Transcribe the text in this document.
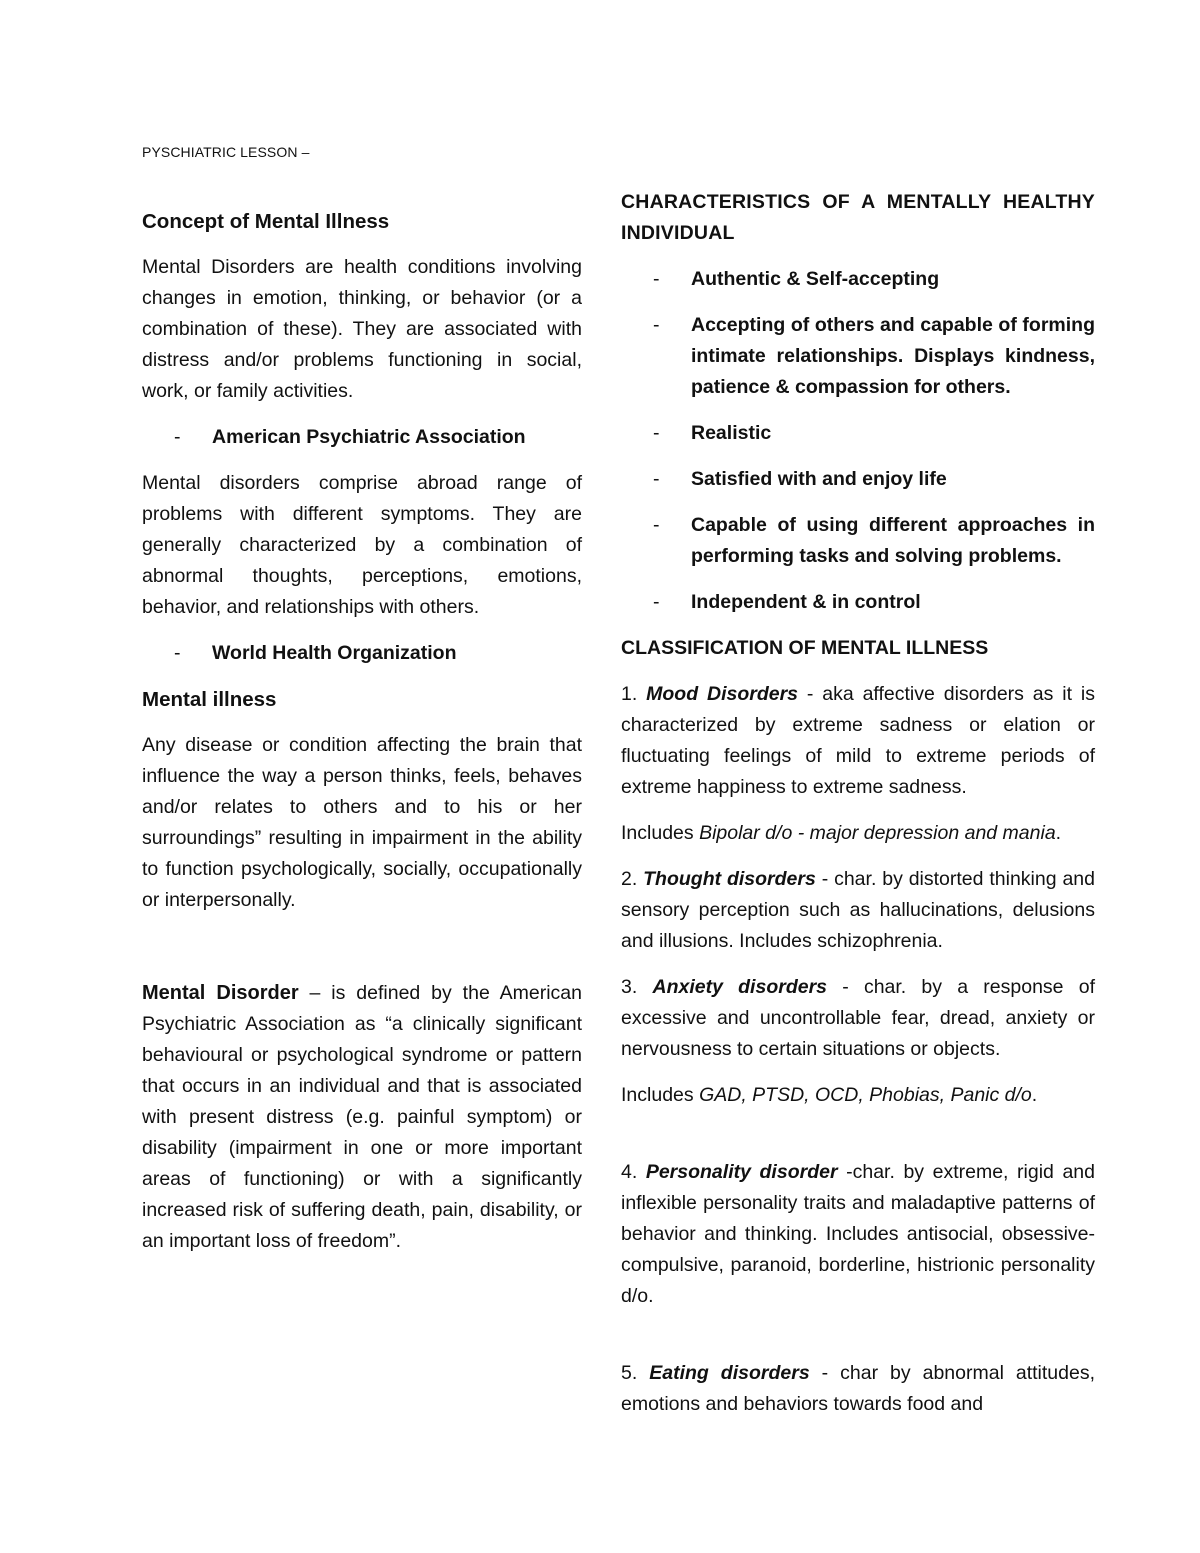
PYSCHIATRIC LESSON –

Concept of Mental Illness

Mental Disorders are health conditions involving changes in emotion, thinking, or behavior (or a combination of these). They are associated with distress and/or problems functioning in social, work, or family activities.

-	American Psychiatric Association

Mental disorders comprise abroad range of problems with different symptoms. They are generally characterized by a combination of abnormal thoughts, perceptions, emotions, behavior, and relationships with others.

-	World Health Organization

Mental illness

Any disease or condition affecting the brain that influence the way a person thinks, feels, behaves and/or relates to others and to his or her surroundings” resulting in impairment in the ability to function psychologically, socially, occupationally or interpersonally.

Mental Disorder – is defined by the American Psychiatric Association as “a clinically significant behavioural or psychological syndrome or pattern that occurs in an individual and that is associated with present distress (e.g. painful symptom) or disability (impairment in one or more important areas of functioning) or with a significantly increased risk of suffering death, pain, disability, or an important loss of freedom”.

CHARACTERISTICS OF A MENTALLY HEALTHY INDIVIDUAL

-	Authentic & Self-accepting
-	Accepting of others and capable of forming intimate relationships. Displays kindness, patience & compassion for others.
-	Realistic
-	Satisfied with and enjoy life
-	Capable of using different approaches in performing tasks and solving problems.
-	Independent & in control

CLASSIFICATION OF MENTAL ILLNESS

1. Mood Disorders - aka affective disorders as it is characterized by extreme sadness or elation or fluctuating feelings of mild to extreme periods of extreme happiness to extreme sadness.

Includes Bipolar d/o - major depression and mania.

2. Thought disorders - char. by distorted thinking and sensory perception such as hallucinations, delusions and illusions. Includes schizophrenia.

3. Anxiety disorders - char. by a response of excessive and uncontrollable fear, dread, anxiety or nervousness to certain situations or objects.

Includes GAD, PTSD, OCD, Phobias, Panic d/o.

4. Personality disorder -char. by extreme, rigid and inflexible personality traits and maladaptive patterns of behavior and thinking. Includes antisocial, obsessive-compulsive, paranoid, borderline, histrionic personality d/o.

5. Eating disorders - char by abnormal attitudes, emotions and behaviors towards food and
